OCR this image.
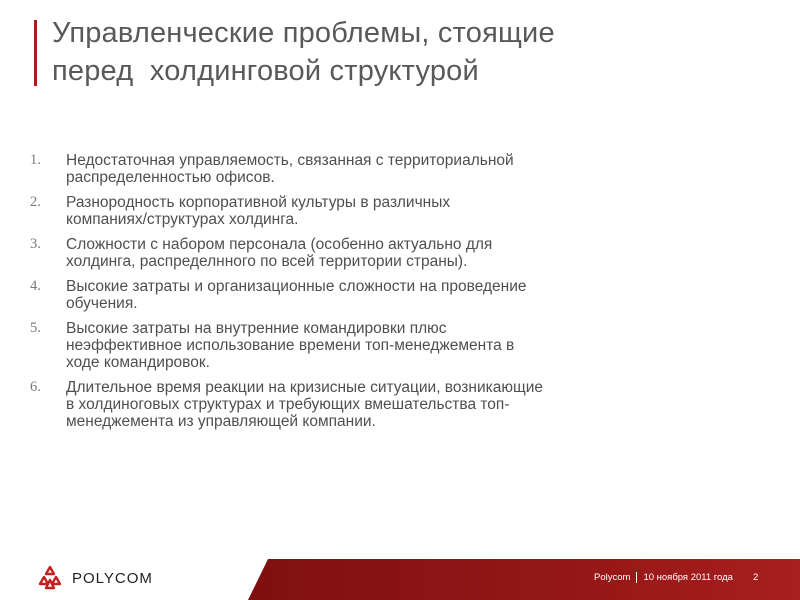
Управленческие проблемы, стоящие
перед  холдинговой структурой
1. Недостаточная управляемость, связанная с территориальной
распределенностью офисов.
2. Разнородность корпоративной культуры в различных
компаниях/структурах холдинга.
3. Сложности с набором персонала (особенно актуально для
холдинга, распределнного по всей территории страны).
4. Высокие затраты и организационные сложности на проведение
обучения.
5. Высокие затраты на внутренние командировки плюс
неэффективное использование времени топ-менеджемента в
ходе командировок.
6. Длительное время реакции на кризисные ситуации, возникающие
в холдиноговых структурах и требующих вмешательства топ-
менеджемента из управляющей компании.
POLYCOM	Polycom 10 ноября 2011 года 2
